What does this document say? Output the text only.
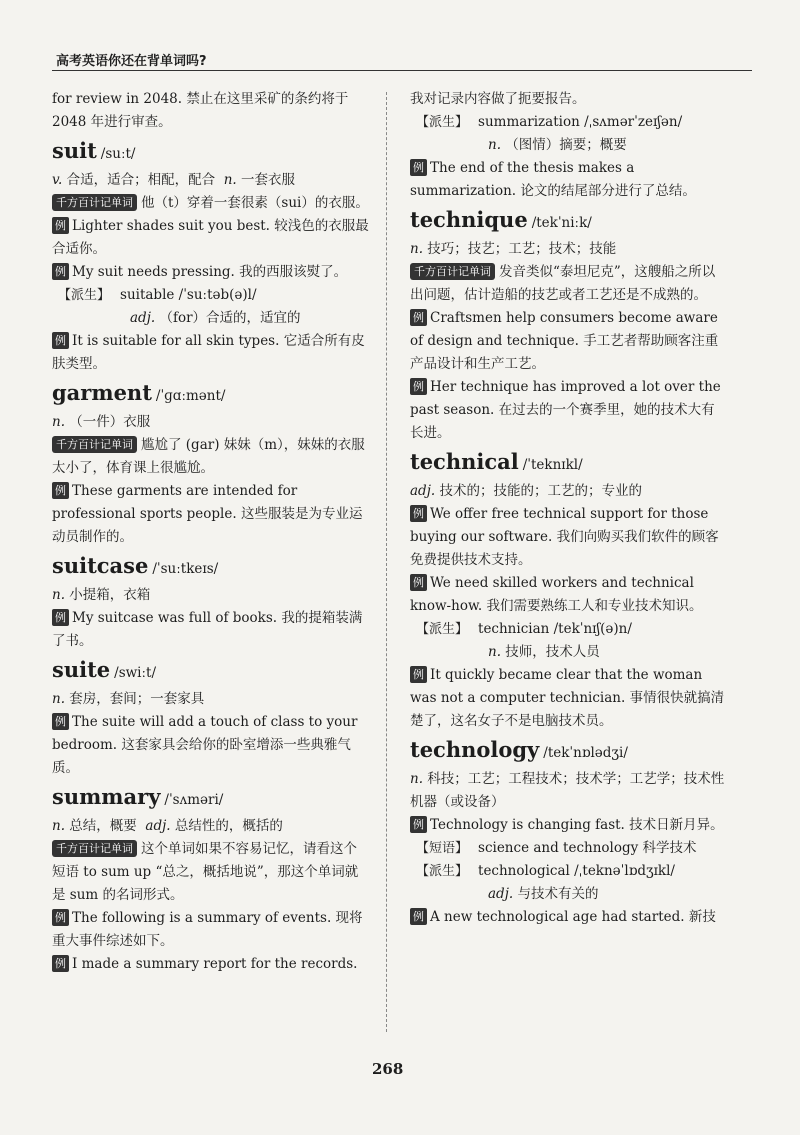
高考英语你还在背单词吗?

for review in 2048. 禁止在这里采矿的条约将于 2048 年进行审查。

suit /suːt/

v. 合适，适合；相配，配合 n. 一套衣服

千方百计记单词 他（t）穿着一套很素（sui）的衣服。

例 Lighter shades suit you best. 较浅色的衣服最合适你。

例 My suit needs pressing. 我的西服该熨了。

【派生】 suitable /ˈsuːtəb(ə)l/
adj. （for）合适的，适宜的

例 It is suitable for all skin types. 它适合所有皮肤类型。

garment /ˈɡɑːmənt/

n. （一件）衣服

千方百计记单词 尴尬了 (gar) 妹妹（m），妹妹的衣服太小了，体育课上很尴尬。

例 These garments are intended for professional sports people. 这些服装是为专业运动员制作的。

suitcase /ˈsuːtkeɪs/

n. 小提箱，衣箱

例 My suitcase was full of books. 我的提箱装满了书。

suite /swiːt/

n. 套房，套间；一套家具

例 The suite will add a touch of class to your bedroom. 这套家具会给你的卧室增添一些典雅气质。

summary /ˈsʌməri/

n. 总结，概要 adj. 总结性的，概括的

千方百计记单词 这个单词如果不容易记忆，请看这个短语 to sum up “总之，概括地说”，那这个单词就是 sum 的名词形式。

例 The following is a summary of events. 现将重大事件综述如下。

例 I made a summary report for the records.

我对记录内容做了扼要报告。

【派生】 summarization /ˌsʌmərˈzeɪʃən/
n. （图情）摘要；概要

例 The end of the thesis makes a summarization. 论文的结尾部分进行了总结。

technique /tekˈniːk/

n. 技巧；技艺；工艺；技术；技能

千方百计记单词 发音类似“泰坦尼克”，这艘船之所以出问题，估计造船的技艺或者工艺还是不成熟的。

例 Craftsmen help consumers become aware of design and technique. 手工艺者帮助顾客注重产品设计和生产工艺。

例 Her technique has improved a lot over the past season. 在过去的一个赛季里，她的技术大有长进。

technical /ˈteknɪkl/

adj. 技术的；技能的；工艺的；专业的

例 We offer free technical support for those buying our software. 我们向购买我们软件的顾客免费提供技术支持。

例 We need skilled workers and technical know-how. 我们需要熟练工人和专业技术知识。

【派生】 technician /tekˈnɪʃ(ə)n/
n. 技师，技术人员

例 It quickly became clear that the woman was not a computer technician. 事情很快就搞清楚了，这名女子不是电脑技术员。

technology /tekˈnɒlədʒi/

n. 科技；工艺；工程技术；技术学；工艺学；技术性机器（或设备）

例 Technology is changing fast. 技术日新月异。

【短语】 science and technology 科学技术

【派生】 technological /ˌteknəˈlɒdʒɪkl/
adj. 与技术有关的

例 A new technological age had started. 新技

268
